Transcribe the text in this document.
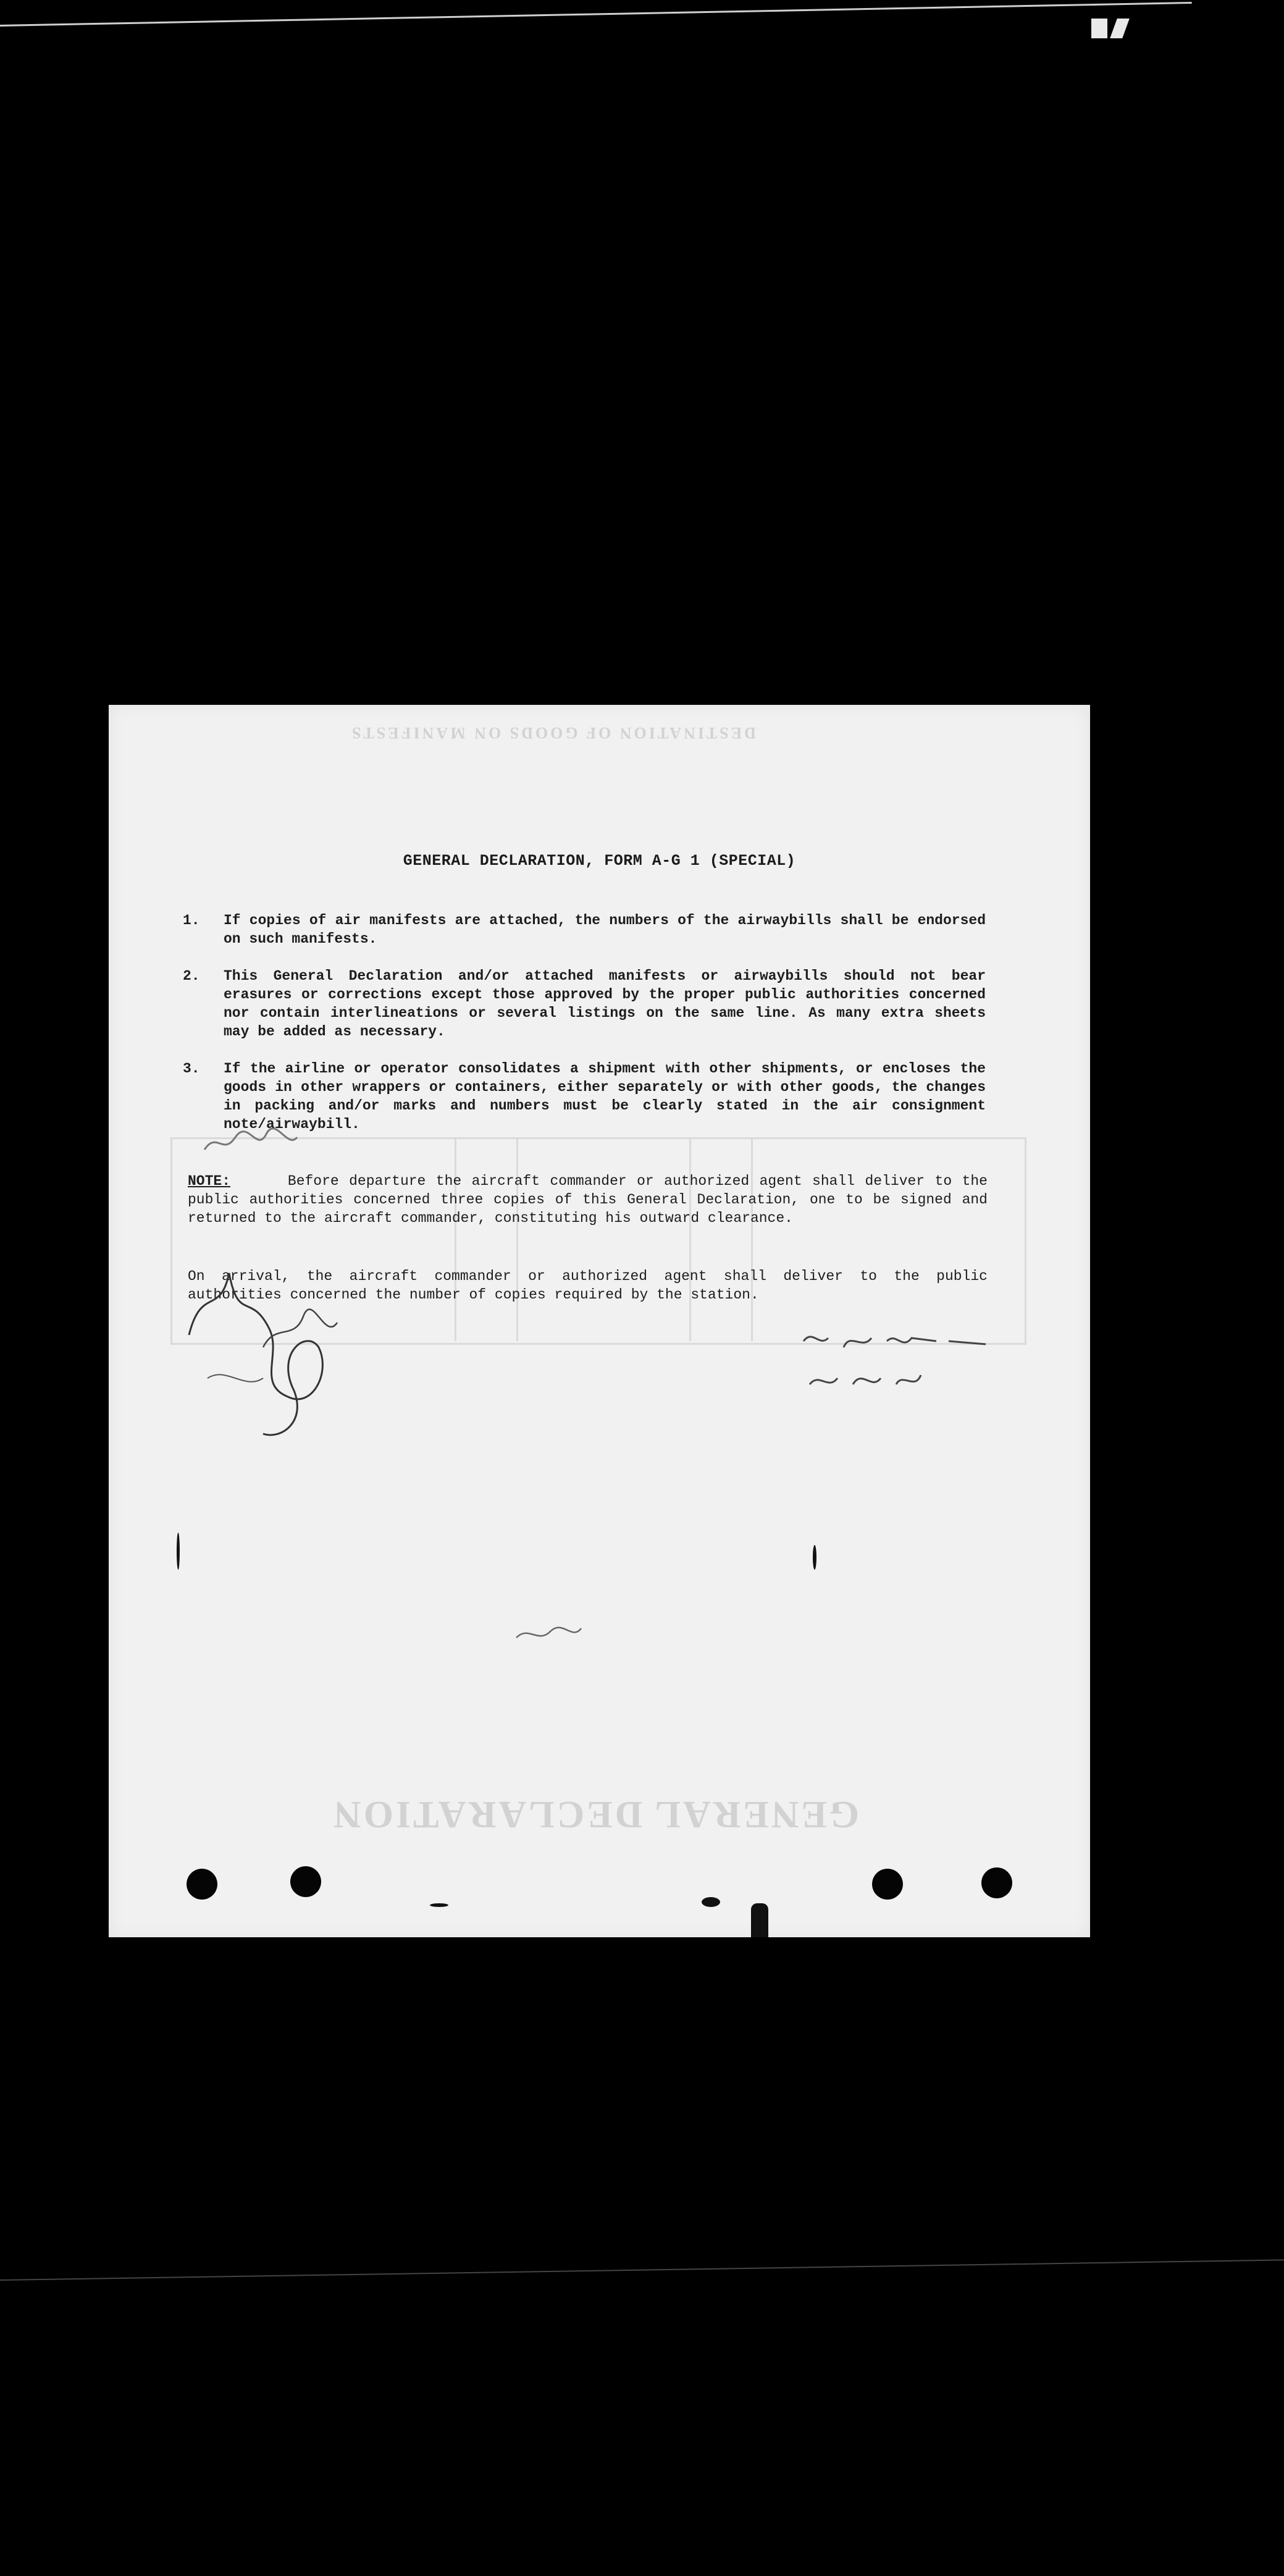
GENERAL DECLARATION
DESTINATION OF GOODS ON MANIFESTS
GENERAL DECLARATION, FORM A-G 1 (SPECIAL)
1. If copies of air manifests are attached, the numbers of the airwaybills shall be endorsed on such manifests.
2. This General Declaration and/or attached manifests or airwaybills should not bear erasures or corrections except those approved by the proper public authorities concerned nor contain interlineations or several listings on the same line. As many extra sheets may be added as necessary.
3. If the airline or operator consolidates a shipment with other shipments, or encloses the goods in other wrappers or containers, either separately or with other goods, the changes in packing and/or marks and numbers must be clearly stated in the air consignment note/airwaybill.
NOTE:	Before departure the aircraft commander or authorized agent shall deliver to the public authorities concerned three copies of this General Declaration, one to be signed and returned to the aircraft commander, constituting his outward clearance.
On arrival, the aircraft commander or authorized agent shall deliver to the public authorities concerned the number of copies required by the station.
